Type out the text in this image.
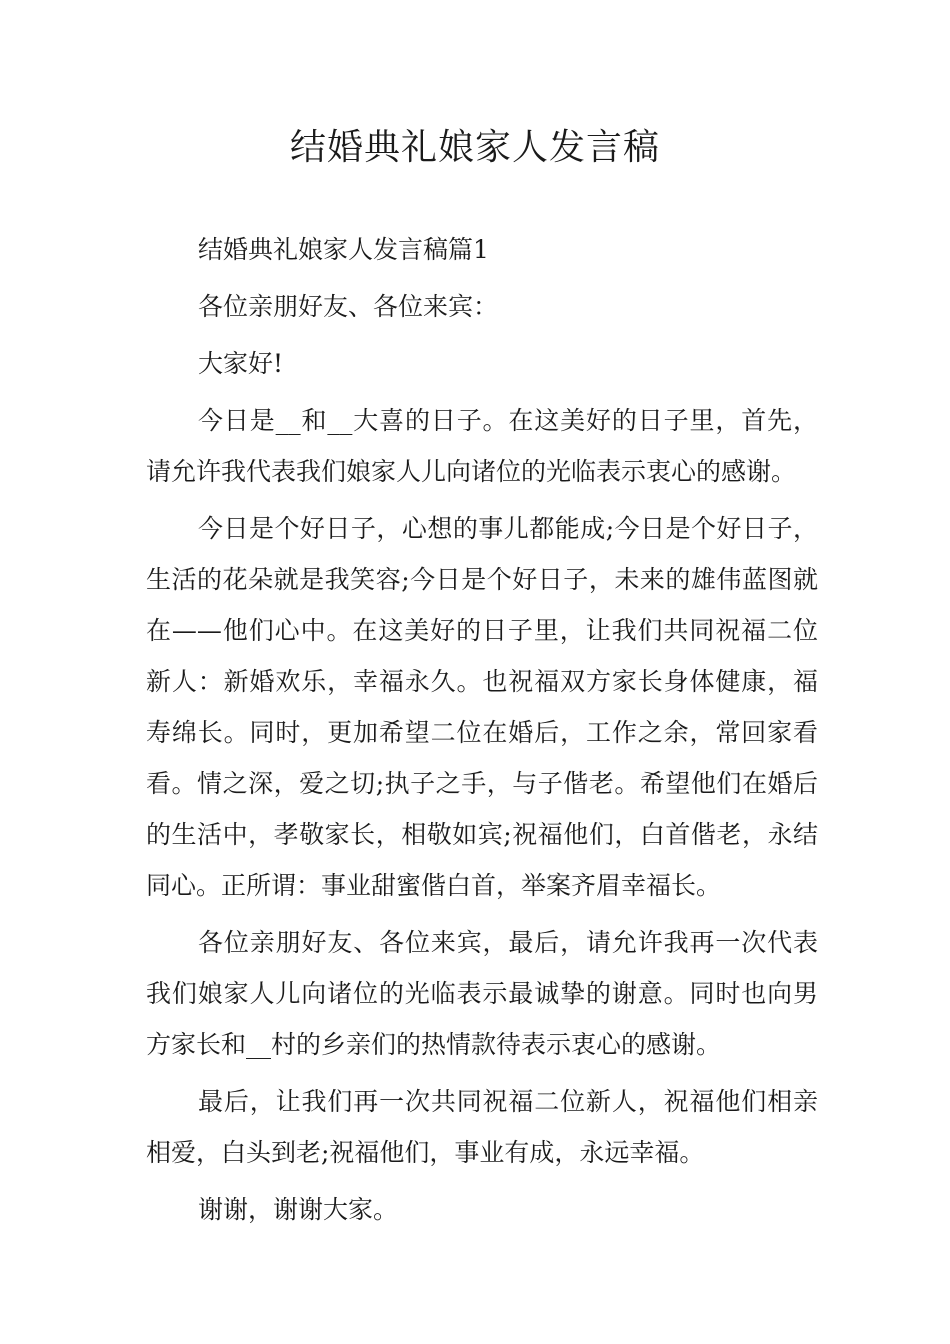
结婚典礼娘家人发言稿

结婚典礼娘家人发言稿篇1

各位亲朋好友、各位来宾：

大家好!

今日是__和__大喜的日子。在这美好的日子里，首先，请允许我代表我们娘家人儿向诸位的光临表示衷心的感谢。

今日是个好日子，心想的事儿都能成;今日是个好日子，生活的花朵就是我笑容;今日是个好日子，未来的雄伟蓝图就在——他们心中。在这美好的日子里，让我们共同祝福二位新人：新婚欢乐，幸福永久。也祝福双方家长身体健康，福寿绵长。同时，更加希望二位在婚后，工作之余，常回家看看。情之深，爱之切;执子之手，与子偕老。希望他们在婚后的生活中，孝敬家长，相敬如宾;祝福他们，白首偕老，永结同心。正所谓：事业甜蜜偕白首，举案齐眉幸福长。

各位亲朋好友、各位来宾，最后，请允许我再一次代表我们娘家人儿向诸位的光临表示最诚挚的谢意。同时也向男方家长和__村的乡亲们的热情款待表示衷心的感谢。

最后，让我们再一次共同祝福二位新人，祝福他们相亲相爱，白头到老;祝福他们，事业有成，永远幸福。

谢谢，谢谢大家。
